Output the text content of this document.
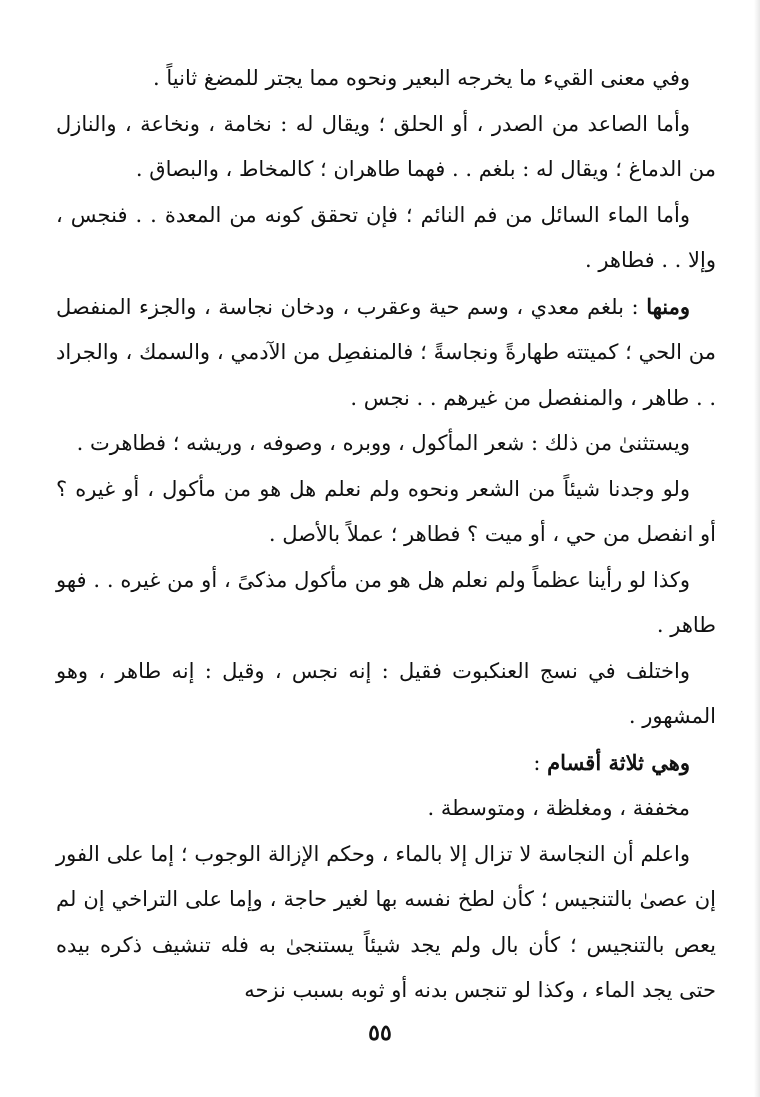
وفي معنى القيء ما يخرجه البعير ونحوه مما يجتر للمضغ ثانياً .

وأما الصاعد من الصدر ، أو الحلق ؛ ويقال له : نخامة ، ونخاعة ، والنازل من الدماغ ؛ ويقال له : بلغم . . فهما طاهران ؛ كالمخاط ، والبصاق .

وأما الماء السائل من فم النائم ؛ فإن تحقق كونه من المعدة . . فنجس ، وإلا . . فطاهر .

ومنها : بلغم معدي ، وسم حية وعقرب ، ودخان نجاسة ، والجزء المنفصل من الحي ؛ كميتته طهارةً ونجاسةً ؛ فالمنفصِل من الآدمي ، والسمك ، والجراد . . طاهر ، والمنفصل من غيرهم . . نجس .

ويستثنىٰ من ذلك : شعر المأكول ، ووبره ، وصوفه ، وريشه ؛ فطاهرت .

ولو وجدنا شيئاً من الشعر ونحوه ولم نعلم هل هو من مأكول ، أو غيره ؟ أو انفصل من حي ، أو ميت ؟ فطاهر ؛ عملاً بالأصل .

وكذا لو رأينا عظماً ولم نعلم هل هو من مأكول مذكىً ، أو من غيره . . فهو طاهر .

واختلف في نسج العنكبوت فقيل : إنه نجس ، وقيل : إنه طاهر ، وهو المشهور .

وهي ثلاثة أقسام :

مخففة ، ومغلظة ، ومتوسطة .

واعلم أن النجاسة لا تزال إلا بالماء ، وحكم الإزالة الوجوب ؛ إما على الفور إن عصىٰ بالتنجيس ؛ كأن لطخ نفسه بها لغير حاجة ، وإما على التراخي إن لم يعص بالتنجيس ؛ كأن بال ولم يجد شيئاً يستنجىٰ به فله تنشيف ذكره بيده حتى يجد الماء ، وكذا لو تنجس بدنه أو ثوبه بسبب نزحه

٥٥
